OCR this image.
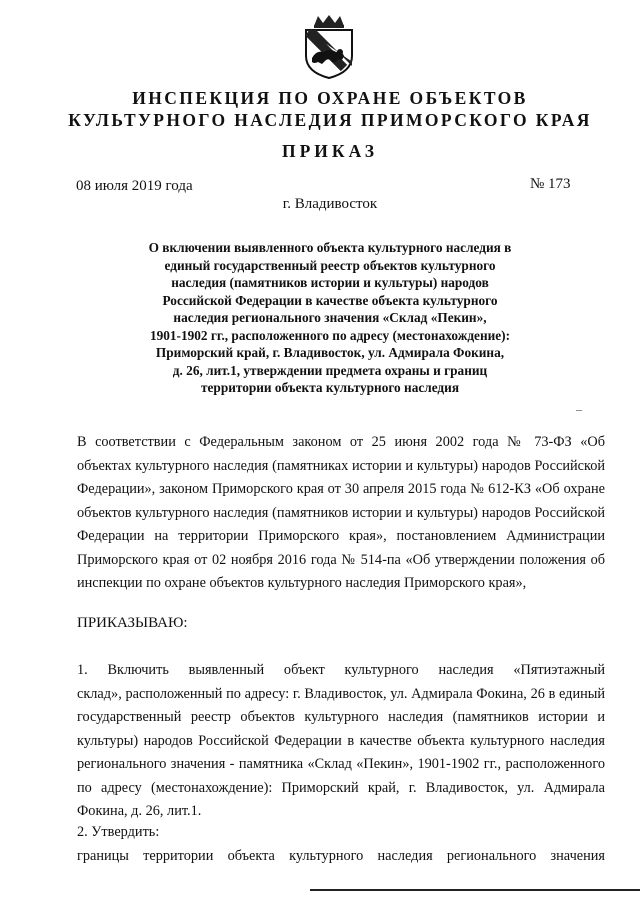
ИНСПЕКЦИЯ ПО ОХРАНЕ ОБЪЕКТОВ
КУЛЬТУРНОГО НАСЛЕДИЯ ПРИМОРСКОГО КРАЯ
ПРИКАЗ
08 июля 2019 года	№ 173
г. Владивосток
О включении выявленного объекта культурного наследия в
единый государственный реестр объектов культурного
наследия (памятников истории и культуры) народов
Российской Федерации в качестве объекта культурного
наследия регионального значения «Склад «Пекин»,
1901-1902 гг., расположенного по адресу (местонахождение):
Приморский край, г. Владивосток, ул. Адмирала Фокина,
д. 26, лит.1, утверждении предмета охраны и границ
территории объекта культурного наследия
_
В соответствии с Федеральным законом от 25 июня 2002 года № 73-ФЗ «Об
объектах культурного наследия (памятниках истории и культуры) народов Российской
Федерации», законом Приморского края от 30 апреля 2015 года № 612-КЗ «Об охране
объектов культурного наследия (памятников истории и культуры) народов Российской
Федерации на территории Приморского края», постановлением Администрации
Приморского края от 02 ноября 2016 года № 514-па «Об утверждении положения об
инспекции по охране объектов культурного наследия Приморского края»,
ПРИКАЗЫВАЮ:
1. Включить выявленный объект культурного наследия «Пятиэтажный
склад», расположенный по адресу: г. Владивосток, ул. Адмирала Фокина, 26 в единый
государственный реестр объектов культурного наследия (памятников истории и
культуры) народов Российской Федерации в качестве объекта культурного наследия
регионального значения - памятника «Склад «Пекин», 1901-1902 гг., расположенного
по адресу (местонахождение): Приморский край, г. Владивосток, ул. Адмирала
Фокина, д. 26, лит.1.
2. Утвердить:
границы территории объекта культурного наследия регионального значения
